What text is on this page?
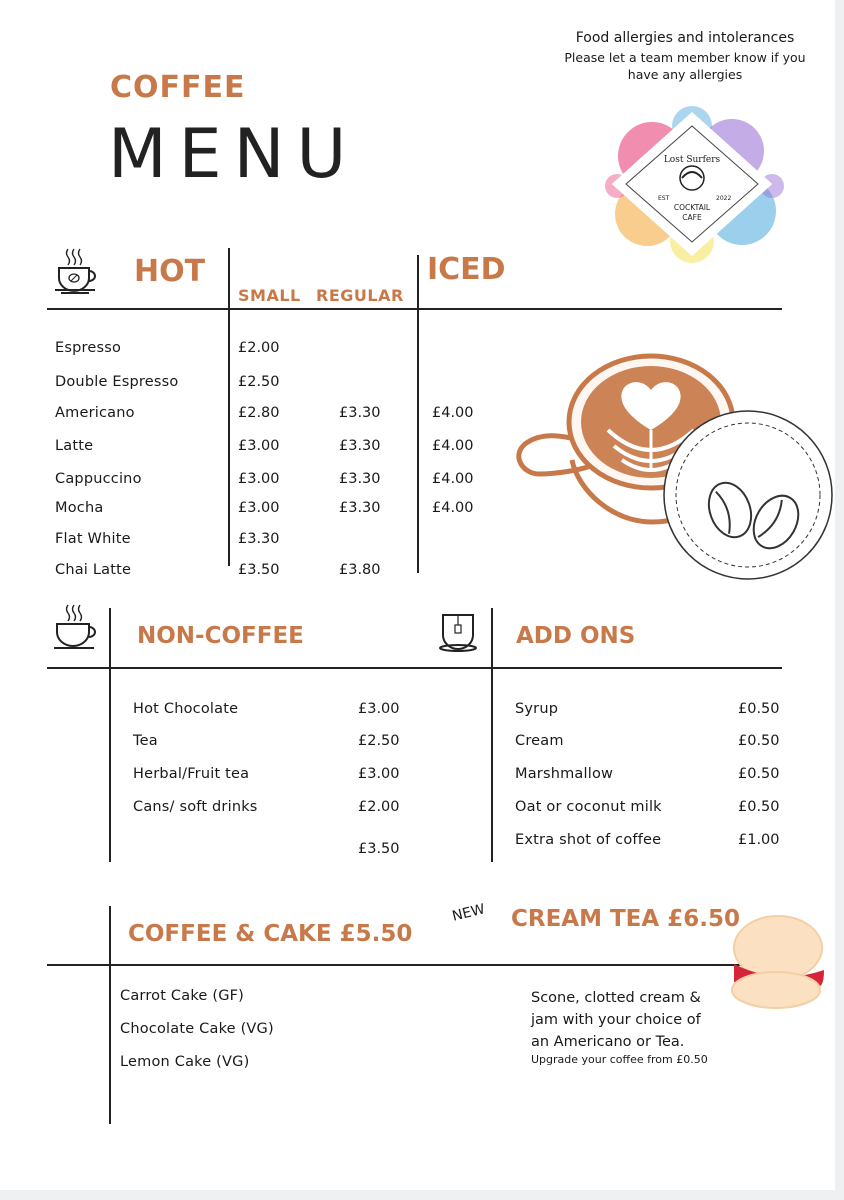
Food allergies and intolerances
Please let a team member know if you
have any allergies
COFFEE
MENU	Lost Surfers
EST	2022
COCKTAIL
CAFE
HOT
SMALL REGULAR
ICED
Espresso	£2.00
Double Espresso	£2.50
Americano	£2.80	£3.30	£4.00
Latte	£3.00	£3.30	£4.00
Cappuccino	£3.00	£3.30	£4.00
Mocha	£3.00	£3.30	£4.00
Flat White	£3.30
Chai Latte	£3.50	£3.80
NON-COFFEE	ADD ONS
Hot Chocolate	£3.00
Tea	£2.50
Herbal/Fruit tea	£3.00
Cans/ soft drinks	£2.00
£3.50
Syrup	£0.50
Cream	£0.50
Marshmallow	£0.50
Oat or coconut milk	£0.50
Extra shot of coffee	£1.00
COFFEE & CAKE £5.50
Carrot Cake (GF)
Chocolate Cake (VG)
Lemon Cake (VG)
NEW CREAM TEA £6.50
Scone, clotted cream &
jam with your choice of
an Americano or Tea.
Upgrade your coffee from £0.50
